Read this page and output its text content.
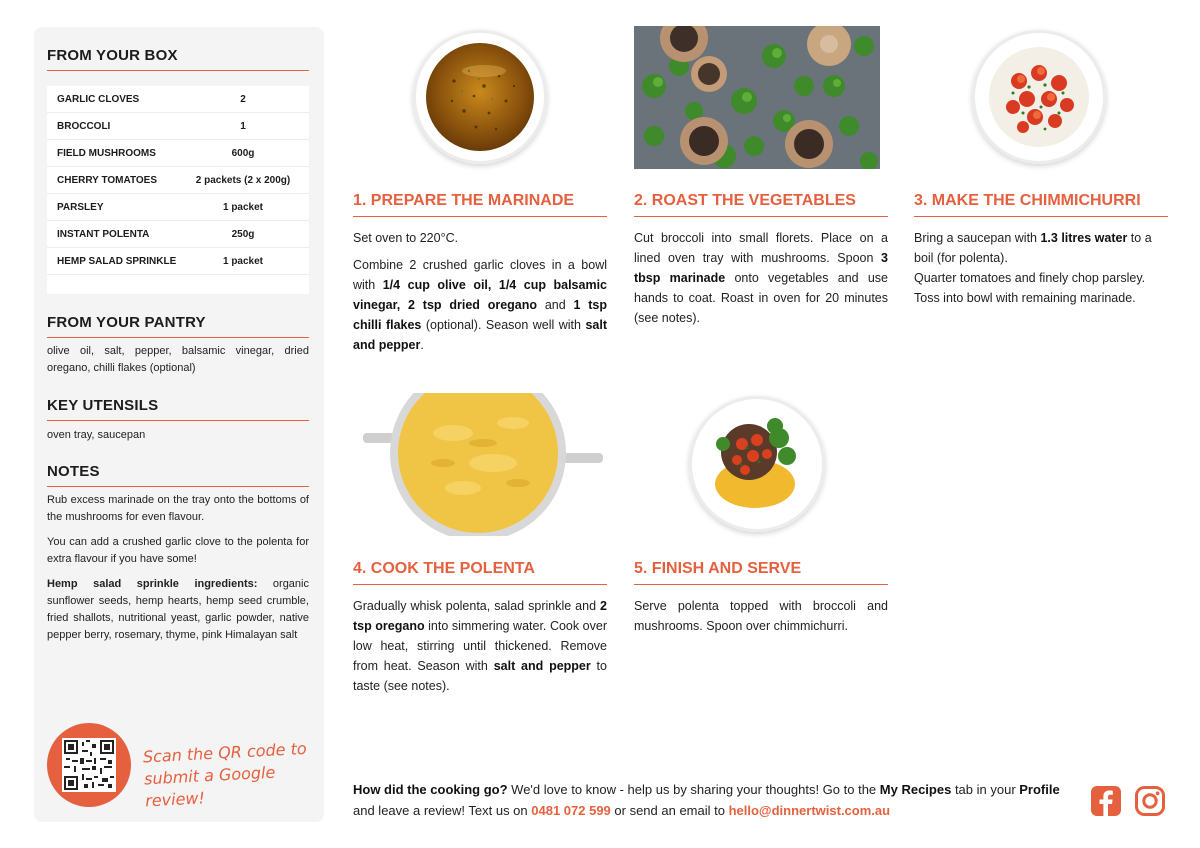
FROM YOUR BOX
GARLIC CLOVES	2
BROCCOLI	1
FIELD MUSHROOMS	600g
CHERRY TOMATOES	2 packets (2 x 200g)
PARSLEY	1 packet
INSTANT POLENTA	250g
HEMP SALAD SPRINKLE	1 packet
FROM YOUR PANTRY

olive oil, salt, pepper, balsamic vinegar, dried oregano, chilli flakes (optional)

KEY UTENSILS

oven tray, saucepan

NOTES

Rub excess marinade on the tray onto the bottoms of the mushrooms for even flavour.

You can add a crushed garlic clove to the polenta for extra flavour if you have some!

Hemp salad sprinkle ingredients: organic sunflower seeds, hemp hearts, hemp seed crumble, fried shallots, nutritional yeast, garlic powder, native pepper berry, rosemary, thyme, pink Himalayan salt

Scan the QR code to
submit a Google review!
1. PREPARE THE MARINADE

Set oven to 220°C.

Combine 2 crushed garlic cloves in a bowl with 1/4 cup olive oil, 1/4 cup balsamic vinegar, 2 tsp dried oregano and 1 tsp chilli flakes (optional). Season well with salt and pepper.

2. ROAST THE VEGETABLES

Cut broccoli into small florets. Place on a lined oven tray with mushrooms. Spoon 3 tbsp marinade onto vegetables and use hands to coat. Roast in oven for 20 minutes (see notes).

3. MAKE THE CHIMMICHURRI

Bring a saucepan with 1.3 litres water to a boil (for polenta).

Quarter tomatoes and finely chop parsley. Toss into bowl with remaining marinade.

4. COOK THE POLENTA

Gradually whisk polenta, salad sprinkle and 2 tsp oregano into simmering water. Cook over low heat, stirring until thickened. Remove from heat. Season with salt and pepper to taste (see notes).

5. FINISH AND SERVE

Serve polenta topped with broccoli and mushrooms. Spoon over chimmichurri.

How did the cooking go? We'd love to know - help us by sharing your thoughts! Go to the My Recipes tab in your Profile and leave a review! Text us on 0481 072 599 or send an email to hello@dinnertwist.com.au
